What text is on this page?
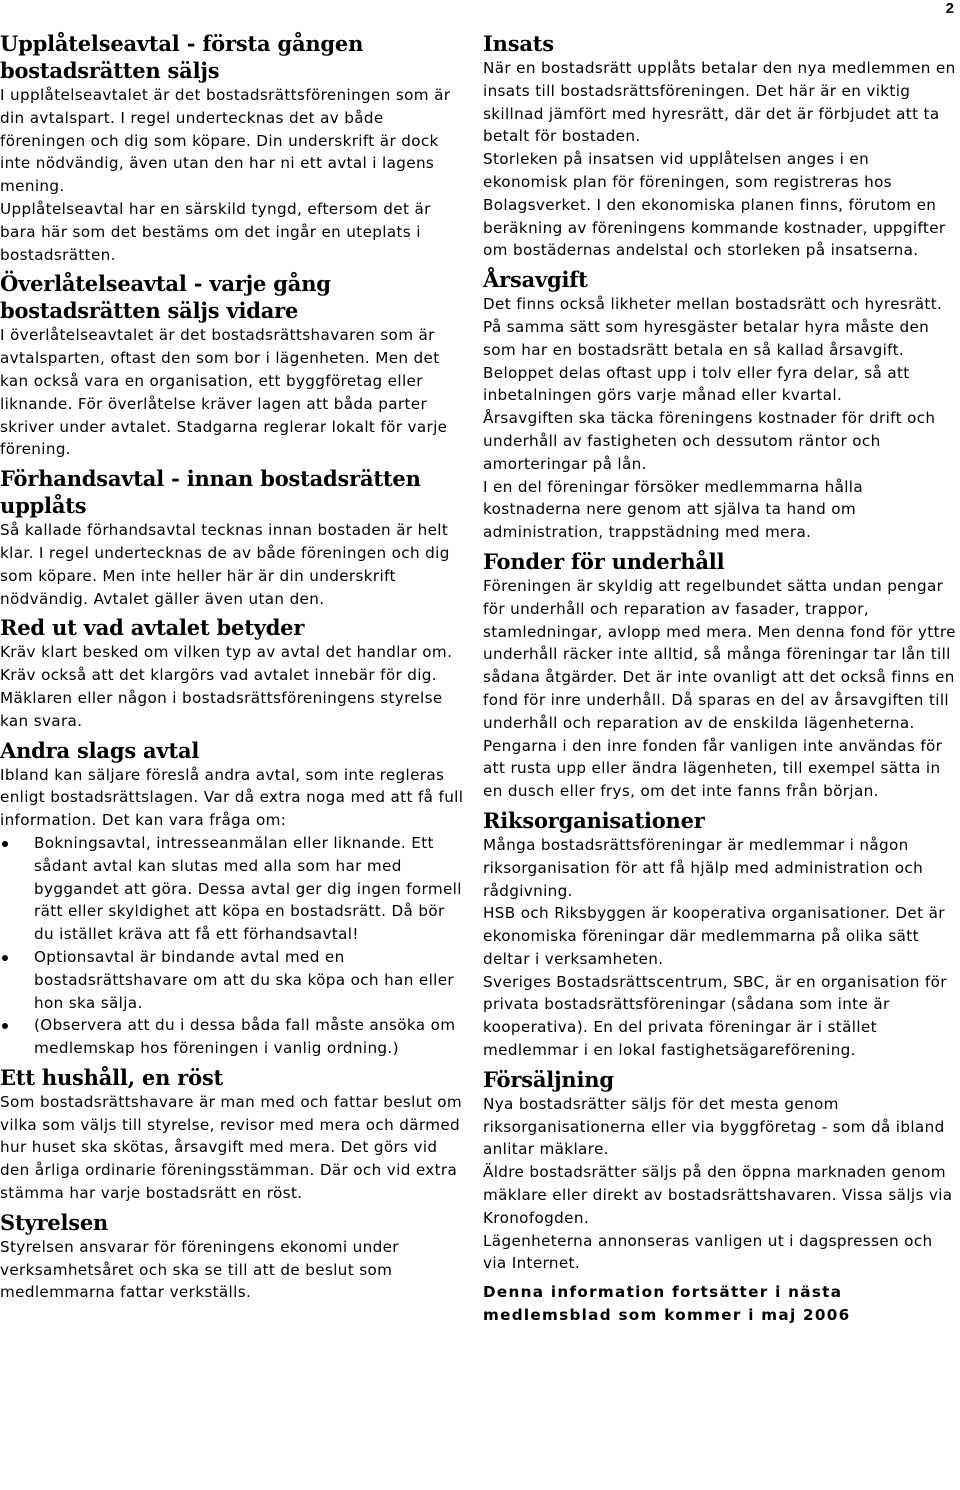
2
Upplåtelseavtal - första gången bostadsrätten säljs

I upplåtelseavtalet är det bostadsrättsföreningen som är din avtalspart. I regel undertecknas det av både föreningen och dig som köpare. Din underskrift är dock inte nödvändig, även utan den har ni ett avtal i lagens mening.

Upplåtelseavtal har en särskild tyngd, eftersom det är bara här som det bestäms om det ingår en uteplats i bostadsrätten.

Överlåtelseavtal - varje gång bostadsrätten säljs vidare

I överlåtelseavtalet är det bostadsrättshavaren som är avtalsparten, oftast den som bor i lägenheten. Men det kan också vara en organisation, ett byggföretag eller liknande. För överlåtelse kräver lagen att båda parter skriver under avtalet. Stadgarna reglerar lokalt för varje förening.

Förhandsavtal - innan bostadsrätten upplåts

Så kallade förhandsavtal tecknas innan bostaden är helt klar. I regel undertecknas de av både föreningen och dig som köpare. Men inte heller här är din underskrift nödvändig. Avtalet gäller även utan den.

Red ut vad avtalet betyder

Kräv klart besked om vilken typ av avtal det handlar om. Kräv också att det klargörs vad avtalet innebär för dig. Mäklaren eller någon i bostadsrättsföreningens styrelse kan svara.

Andra slags avtal

Ibland kan säljare föreslå andra avtal, som inte regleras enligt bostadsrättslagen. Var då extra noga med att få full information. Det kan vara fråga om:

Bokningsavtal, intresseanmälan eller liknande. Ett sådant avtal kan slutas med alla som har med byggandet att göra. Dessa avtal ger dig ingen formell rätt eller skyldighet att köpa en bostadsrätt. Då bör du istället kräva att få ett förhandsavtal!
Optionsavtal är bindande avtal med en bostadsrättshavare om att du ska köpa och han eller hon ska sälja.
(Observera att du i dessa båda fall måste ansöka om medlemskap hos föreningen i vanlig ordning.)
Ett hushåll, en röst

Som bostadsrättshavare är man med och fattar beslut om vilka som väljs till styrelse, revisor med mera och därmed hur huset ska skötas, årsavgift med mera. Det görs vid den årliga ordinarie föreningsstämman. Där och vid extra stämma har varje bostadsrätt en röst.

Styrelsen

Styrelsen ansvarar för föreningens ekonomi under verksamhetsåret och ska se till att de beslut som medlemmarna fattar verkställs.

Insats

När en bostadsrätt upplåts betalar den nya medlemmen en insats till bostadsrättsföreningen. Det här är en viktig skillnad jämfört med hyresrätt, där det är förbjudet att ta betalt för bostaden.

Storleken på insatsen vid upplåtelsen anges i en ekonomisk plan för föreningen, som registreras hos Bolagsverket. I den ekonomiska planen finns, förutom en beräkning av föreningens kommande kostnader, uppgifter om bostädernas andelstal och storleken på insatserna.

Årsavgift

Det finns också likheter mellan bostadsrätt och hyresrätt. På samma sätt som hyresgäster betalar hyra måste den som har en bostadsrätt betala en så kallad årsavgift. Beloppet delas oftast upp i tolv eller fyra delar, så att inbetalningen görs varje månad eller kvartal.

Årsavgiften ska täcka föreningens kostnader för drift och underhåll av fastigheten och dessutom räntor och amorteringar på lån.

I en del föreningar försöker medlemmarna hålla kostnaderna nere genom att själva ta hand om administration, trappstädning med mera.

Fonder för underhåll

Föreningen är skyldig att regelbundet sätta undan pengar för underhåll och reparation av fasader, trappor, stamledningar, avlopp med mera. Men denna fond för yttre underhåll räcker inte alltid, så många föreningar tar lån till sådana åtgärder. Det är inte ovanligt att det också finns en fond för inre underhåll. Då sparas en del av årsavgiften till underhåll och reparation av de enskilda lägenheterna. Pengarna i den inre fonden får vanligen inte användas för att rusta upp eller ändra lägenheten, till exempel sätta in en dusch eller frys, om det inte fanns från början.

Riksorganisationer

Många bostadsrättsföreningar är medlemmar i någon riksorganisation för att få hjälp med administration och rådgivning.

HSB och Riksbyggen är kooperativa organisationer. Det är ekonomiska föreningar där medlemmarna på olika sätt deltar i verksamheten.

Sveriges Bostadsrättscentrum, SBC, är en organisation för privata bostadsrättsföreningar (sådana som inte är kooperativa). En del privata föreningar är i stället medlemmar i en lokal fastighetsägareförening.

Försäljning

Nya bostadsrätter säljs för det mesta genom riksorganisationerna eller via byggföretag - som då ibland anlitar mäklare.

Äldre bostadsrätter säljs på den öppna marknaden genom mäklare eller direkt av bostadsrättshavaren. Vissa säljs via Kronofogden.

Lägenheterna annonseras vanligen ut i dagspressen och via Internet.

Denna information fortsätter i nästa medlemsblad som kommer i maj 2006
